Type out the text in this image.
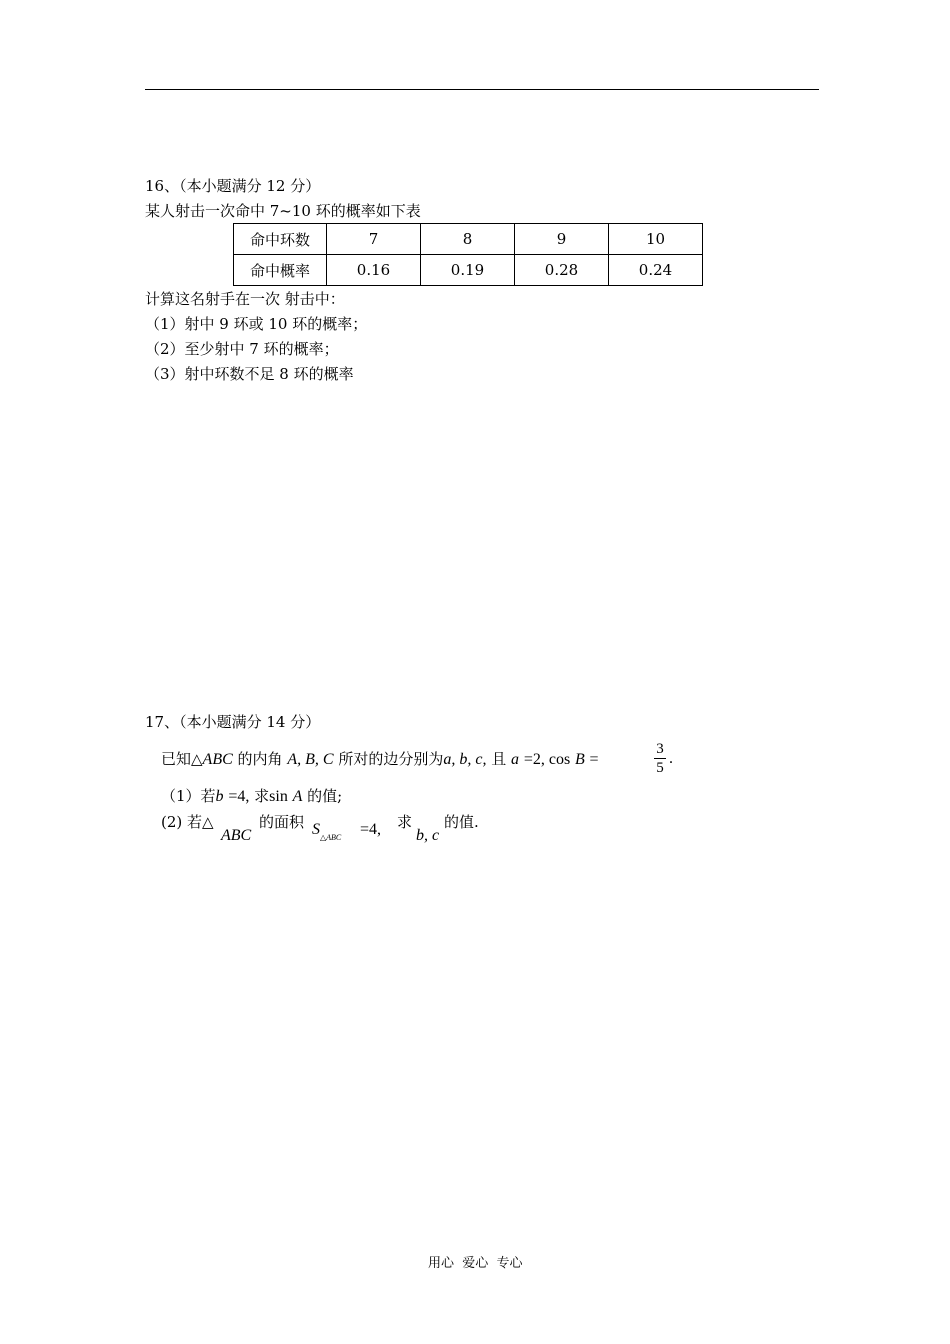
16、（本小题满分 12 分）
某人射击一次命中 7~10 环的概率如下表
命中环数	7	8	9	10
命中概率	0.16	0.19	0.28	0.24
计算这名射手在一次 射击中：
（1）射中 9 环或 10 环的概率；
（2）至少射中 7 环的概率；
（3）射中环数不足 8 环的概率
17、（本小题满分 14 分）
已知△ABC 的内角 A, B, C 所对的边分别为a, b, c, 且 a =2, cos B =
3
5
.
（1）若b =4, 求sin A 的值;
(2) 若△
ABC
的面积 $S_{\triangle ABC} =4$, 求
b, c
的值.
用心  爱心  专心
